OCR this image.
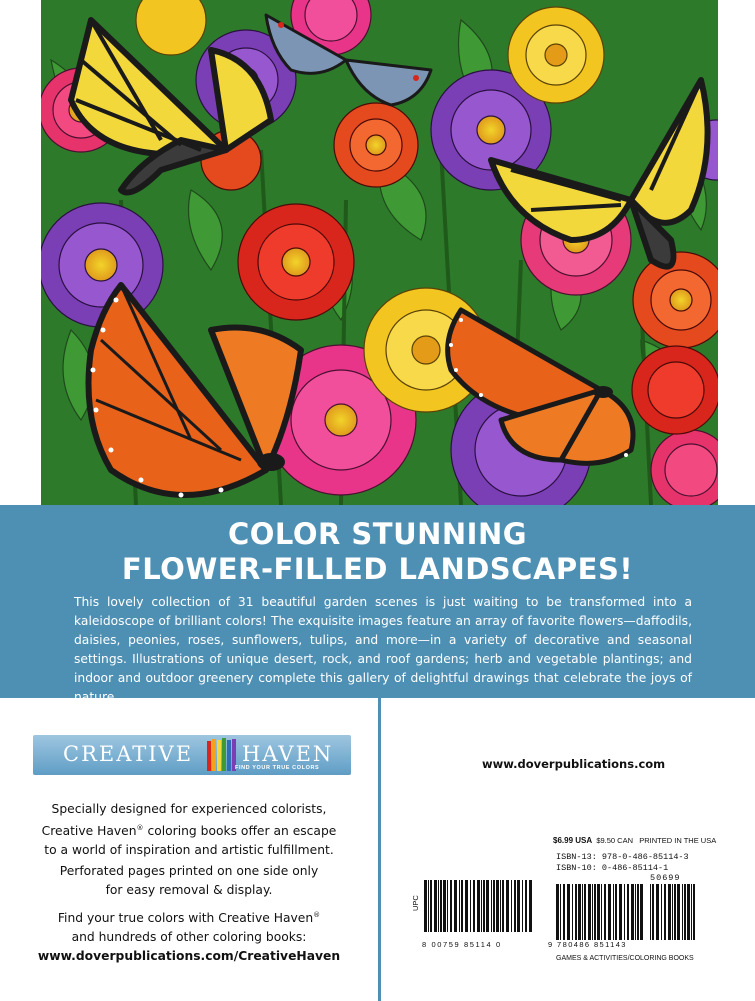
COLOR STUNNING
FLOWER-FILLED LANDSCAPES!
This lovely collection of 31 beautiful garden scenes is just waiting to be transformed into a kaleidoscope of brilliant colors! The exquisite images feature an array of favorite flowers—daffodils, daisies, peonies, roses, sunflowers, tulips, and more—in a variety of decorative and seasonal settings. Illustrations of unique desert, rock, and roof gardens; herb and vegetable plantings; and indoor and outdoor greenery complete this gallery of delightful drawings that celebrate the joys of nature.
CREATIVE HAVEN
FIND YOUR TRUE COLORS
Specially designed for experienced colorists,
Creative Haven® coloring books offer an escape
to a world of inspiration and artistic fulfillment.
Perforated pages printed on one side only
for easy removal & display.
Find your true colors with Creative Haven®
and hundreds of other coloring books:
www.doverpublications.com/CreativeHaven
www.doverpublications.com
$6.99 USA $9.50 CAN PRINTED IN THE USA
ISBN-13: 978-0-486-85114-3
ISBN-10: 0-486-85114-1
50699
UPC
8 00759 85114 0	9 780486 851143
GAMES & ACTIVITIES/COLORING BOOKS
